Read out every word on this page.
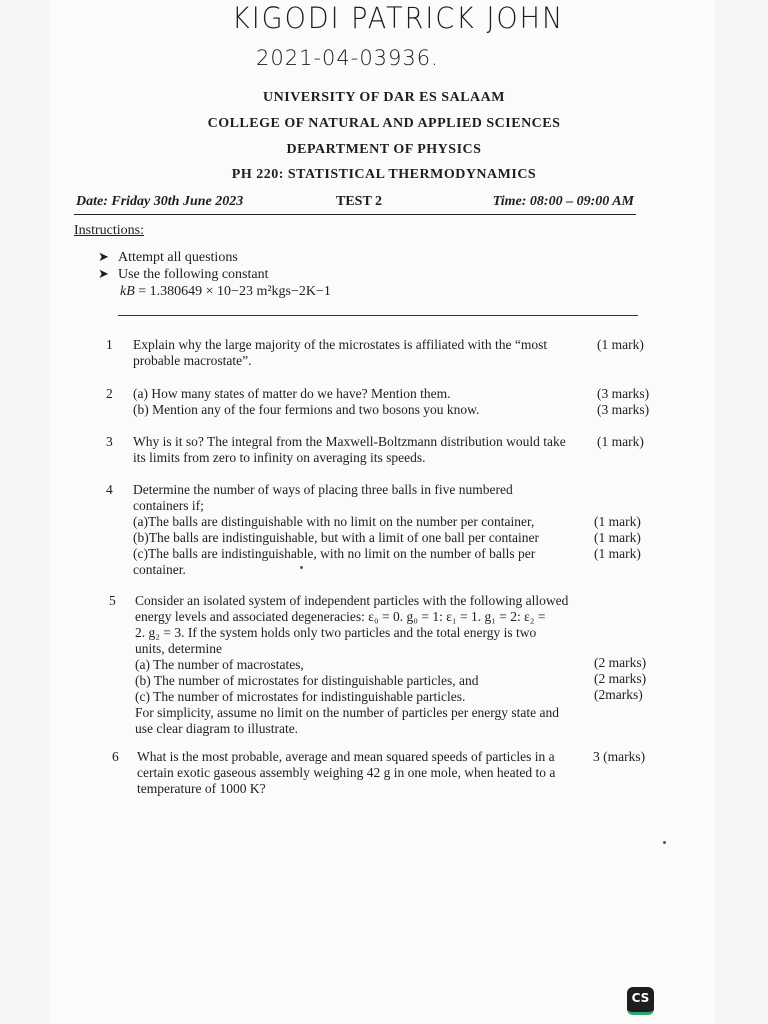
KIGODI PATRICK JOHN
2021-04-03936.
UNIVERSITY OF DAR ES SALAAM
COLLEGE OF NATURAL AND APPLIED SCIENCES
DEPARTMENT OF PHYSICS
PH 220: STATISTICAL THERMODYNAMICS
Date: Friday 30th June 2023	TEST 2	Time: 08:00 – 09:00 AM
Instructions:
➤ Attempt all questions
➤ Use the following constant
kB = 1.380649 × 10−23 m²kgs−2K−1
1 Explain why the large majority of the microstates is affiliated with the “most
probable macrostate”.
(1 mark)
2 (a) How many states of matter do we have? Mention them.
(b) Mention any of the four fermions and two bosons you know.
(3 marks)
(3 marks)
3 Why is it so? The integral from the Maxwell-Boltzmann distribution would take
its limits from zero to infinity on averaging its speeds.
(1 mark)
4 Determine the number of ways of placing three balls in five numbered
containers if;
(a)The balls are distinguishable with no limit on the number per container,
(b)The balls are indistinguishable, but with a limit of one ball per container
(c)The balls are indistinguishable, with no limit on the number of balls per
container.
(1 mark)
(1 mark)
(1 mark)
5 Consider an isolated system of independent particles with the following allowed
energy levels and associated degeneracies: ε₀ = 0. g₀ = 1: ε₁ = 1. g₁ = 2: ε₂ =
2. g₂ = 3. If the system holds only two particles and the total energy is two
units, determine
(a) The number of macrostates,
(b) The number of microstates for distinguishable particles, and
(c) The number of microstates for indistinguishable particles.
For simplicity, assume no limit on the number of particles per energy state and
use clear diagram to illustrate.
(2 marks)
(2 marks)
(2marks)
6 What is the most probable, average and mean squared speeds of particles in a
certain exotic gaseous assembly weighing 42 g in one mole, when heated to a
temperature of 1000 K?
3 (marks)
CS
